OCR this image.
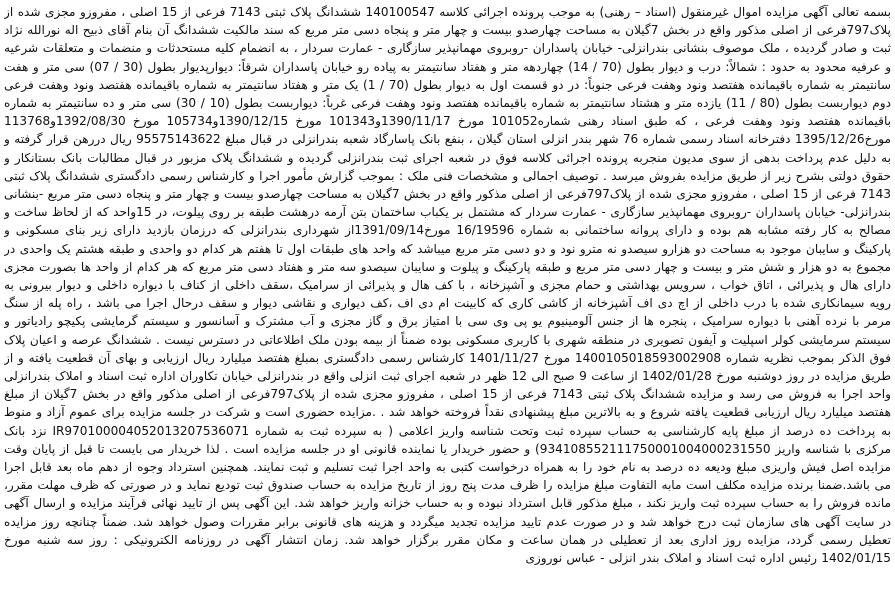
بسمه تعالی آگهی مزایده اموال غیرمنقول (اسناد – رهنی) به موجب پرونده اجرائی کلاسه 140100547 ششدانگ پلاک ثبتی 7143 فرعی از 15 اصلی ، مفروزو مجزی شده از پلاک797فرعی از اصلی مذکور واقع در بخش 7گیلان به مساحت چهارصدو بیست و چهار متر و پنجاه دسی متر مربع که سند مالکیت ششدانگ آن بنام آقای ذبیح اله نورالله نژاد ثبت و صادر گردیده ، ملک موصوف بنشانی بندرانزلی- خیابان پاسداران -روبروی مهمانپذیر سازگاری - عمارت سردار ، به انضمام کلیه مستحدثات و منضمات و متعلقات شرعیه و عرفیه محدود به حدود : شمالاً: درب و دیوار بطول (70 / 14) چهاردهه متر و هفتاد سانتیمتر به پیاده رو خیابان پاسداران شرقاً: دیوارپدیوار بطول (30 / 07) سی متر و هفت سانتیمتر به شماره باقیمانده هفتصد ونود وهفت فرعی جنوباً: در دو قسمت اول به دیوار بطول (70 / 1) یک متر و هفتاد سانتیمتر به شماره باقیمانده هفتصد ونود وهفت فرعی دوم دیواربست بطول (80 / 11) یازده متر و هشتاد سانتیمتر به شماره باقیمانده هفتصد ونود وهفت فرعی غرباً: دیواربست بطول (10 / 30) سی متر و ده سانتیمتر به شماره باقیمانده هفتصد ونود وهفت فرعی ، که طبق اسناد رهنی شماره101052 مورخ 1390/11/17و101343 مورخ 1390/12/15و105734 مورخ 1392/08/30و113768 مورخ1395/12/26 دفترخانه اسناد رسمی شماره 76 شهر بندر انزلی استان گیلان ، بنفع بانک پاسارگاد شعبه بندرانزلی در قبال مبلغ 95575143622 ریال دررهن قرار گرفته و به دلیل عدم پرداخت بدهی از سوی مدیون منجربه پرونده اجرائی کلاسه فوق در شعبه اجرای ثبت بندرانزلی گردیده و ششدانگ پلاک مزبور در قبال مطالبات بانک بستانکار و حقوق دولتی بشرح زیر از طریق مزایده بفروش میرسد . توصیف اجمالی و مشخصات فنی ملک : بموجب گزارش مأمور اجرا و کارشناس رسمی دادگستری ششدانگ پلاک ثبتی 7143 فرعی از 15 اصلی ، مفروزو مجزی شده از پلاک797فرعی از اصلی مذکور واقع در بخش 7گیلان به مساحت چهارصدو بیست و چهار متر و پنجاه دسی متر مربع -بنشانی بندرانزلی- خیابان پاسداران -روبروی مهمانپذیر سازگاری - عمارت سردار که مشتمل بر یکباب ساختمان بتن آرمه درهشت طبقه بر روی پیلوت، در 15واحد که از لحاظ ساخت و مصالح به کار رفته مشابه هم بوده و دارای پروانه ساختمانی به شماره 16/19596 مورخ1391/09/14از شهرداری بندرانزلی که درزمان بازدید دارای زیر بنای مسکونی و پارکینگ و سایبان موجود به مساحت دو هزارو سیصدو نه مترو نود و دو دسی متر مربع میباشد که واحد های طبقات اول تا هفتم هر کدام دو واحدی و طبقه هشتم یک واحدی در مجموع به دو هزار و شش متر و بیست و چهار دسی متر مربع و طبقه پارکینگ و پیلوت و سایبان سیصدو سه متر و هفتاد دسی متر مربع که هر کدام از واحد ها بصورت مجزی دارای هال و پذیرائی ، اتاق خواب ، سرویس بهداشتی و حمام مجزی و آشپزخانه ، با کف هال و پذیرائی از سرامیک ،سقف داخلی از کناف با دیواره داخلی و دیوار بیرونی به رویه سیمانکاری شده با درب داخلی از اچ دی اف آشپزخانه از کاشی کاری که کابینت ام دی اف ،کف دیواری و نقاشی دیوار و سقف درحال اجرا می باشد ، راه پله از سنگ مرمر با نرده آهنی با دیواره سرامیک ، پنجره ها از جنس آلومینیوم یو پی وی سی با امتیاز برق و گاز مجزی و آب مشترک و آسانسور و سیستم گرمایشی پکیچو رادیاتور و سیستم سرمایشی کولر اسپلیت و آیفون تصویری در منطقه شهری با کاربری مسکونی بوده ضمناً از بیمه بودن ملک اطلاعاتی در دسترس نیست . ششدانگ عرصه و اعیان پلاک فوق الذکر بموجب نظریه شماره 1400105018593002908 مورخ 1401/11/27 کارشناس رسمی دادگستری بمبلغ هفتصد میلیارد ریال ارزیابی و بهای آن قطعیت یافته و از طریق مزایده در روز دوشنبه مورخ 1402/01/28 از ساعت 9 صبح الی 12 ظهر در شعبه اجرای ثبت انزلی واقع در بندرانزلی خیابان تکاوران اداره ثبت اسناد و املاک بندرانزلی واحد اجرا به فروش می رسد و مزایده ششدانگ پلاک ثبتی 7143 فرعی از 15 اصلی ، مفروزو مجزی شده از پلاک797فرعی از اصلی مذکور واقع در بخش 7گیلان از مبلغ هفتصد میلیارد ریال ارزیابی قطعیت یافته شروع و به بالاترین مبلغ پیشنهادی نقداً فروخته خواهد شد . .مزایده حضوری است و شرکت در جلسه مزایده برای عموم آزاد و منوط به پرداخت ده درصد از مبلغ پایه کارشناسی به حساب سپرده ثبت وتحت شناسه واریز اعلامی ( به سپرده ثبت به شماره IR970100004052013207536071 نزد بانک مرکزی با شناسه واریز 934108552111750001004000231550) و حضور خریدار یا نماینده قانونی او در جلسه مزایده است . لذا خریدار می بایست تا قبل از پایان وقت مزایده اصل فیش واریزی مبلغ ودیعه ده درصد به نام خود را به همراه درخواست کتبی به واحد اجرا ثبت تسلیم و ثبت نمایند. همچنین استرداد وجوه از دهم ماه بعد قابل اجرا می باشد.ضمنا برنده مزایده مکلف است مابه التفاوت مبلغ مزایده را ظرف مدت پنج روز از تاریخ مزایده به حساب صندوق ثبت تودیع نماید و در صورتی که ظرف مهلت مقرر، مانده فروش را به حساب سپرده ثبت واریز نکند ، مبلغ مذکور قابل استرداد نبوده و به حساب خزانه واریز خواهد شد. این آگهی پس از تایید نهائی فرآیند مزایده و ارسال آگهی در سایت آگهی های سازمان ثبت درج خواهد شد و در صورت عدم تایید مزایده تجدید میگردد و هزینه های قانونی برابر مقررات وصول خواهد شد. ضمناً چنانچه روز مزایده تعطیل رسمی گردد، مزایده روز اداری بعد از تعطیلی در همان ساعت و مکان مقرر برگزار خواهد شد. زمان انتشار آگهی در روزنامه الکترونیکی : روز سه شنبه مورخ 1402/01/15 رئیس اداره ثبت اسناد و املاک بندر انزلی - عباس نوروزی
